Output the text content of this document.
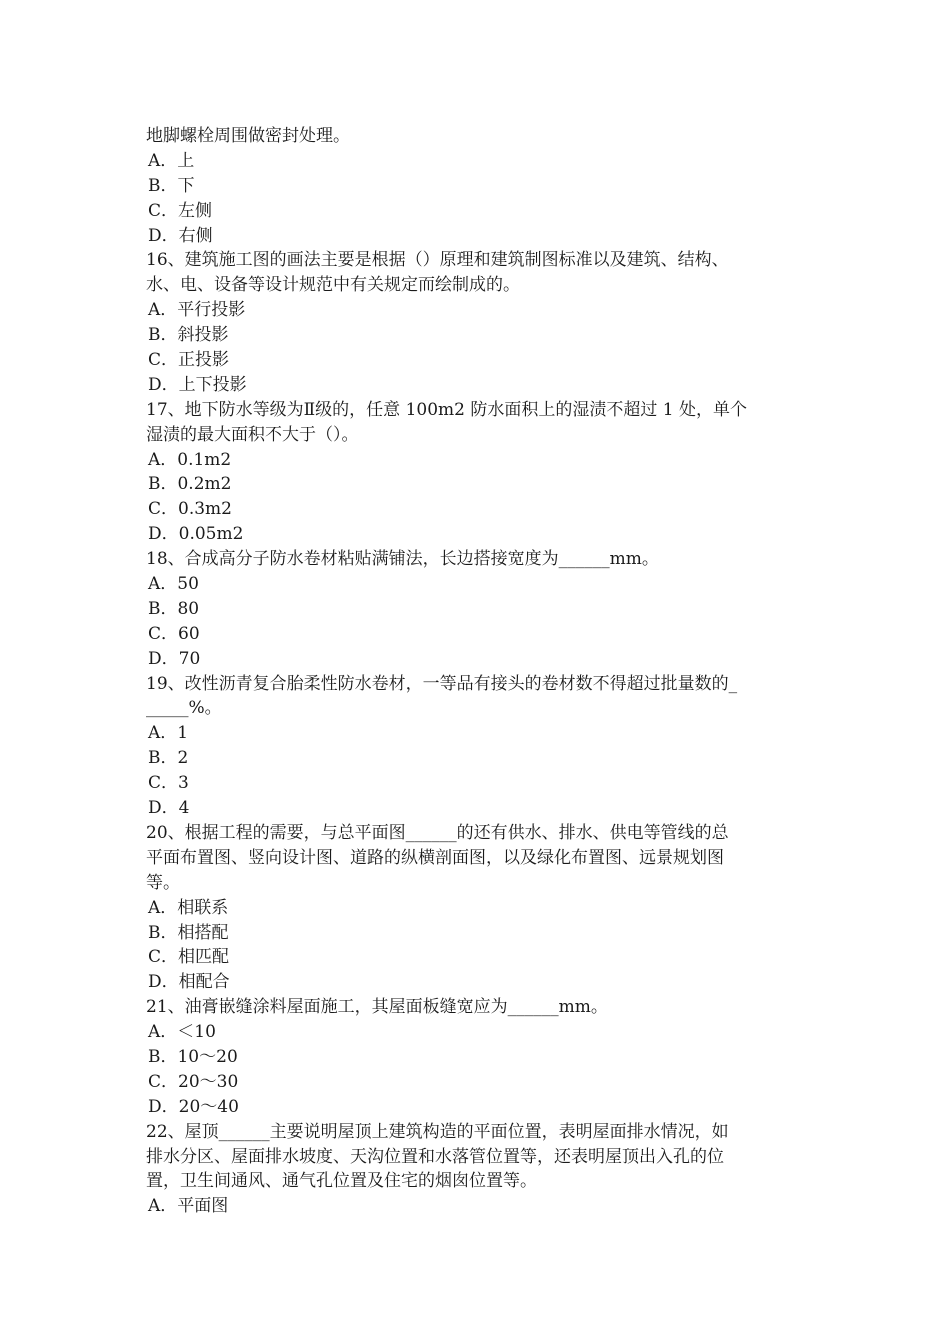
地脚螺栓周围做密封处理。
A．上
B．下
C．左侧
D．右侧
16、建筑施工图的画法主要是根据（）原理和建筑制图标准以及建筑、结构、
水、电、设备等设计规范中有关规定而绘制成的。
A．平行投影
B．斜投影
C．正投影
D．上下投影
17、地下防水等级为Ⅱ级的，任意 100m2 防水面积上的湿渍不超过 1 处，单个
湿渍的最大面积不大于（）。
A．0.1m2
B．0.2m2
C．0.3m2
D．0.05m2
18、合成高分子防水卷材粘贴满铺法，长边搭接宽度为______mm。
A．50
B．80
C．60
D．70
19、改性沥青复合胎柔性防水卷材，一等品有接头的卷材数不得超过批量数的_
_____%。
A．1
B．2
C．3
D．4
20、根据工程的需要，与总平面图______的还有供水、排水、供电等管线的总
平面布置图、竖向设计图、道路的纵横剖面图，以及绿化布置图、远景规划图
等。
A．相联系
B．相搭配
C．相匹配
D．相配合
21、油膏嵌缝涂料屋面施工，其屋面板缝宽应为______mm。
A．＜10
B．10～20
C．20～30
D．20～40
22、屋顶______主要说明屋顶上建筑构造的平面位置，表明屋面排水情况，如
排水分区、屋面排水坡度、天沟位置和水落管位置等，还表明屋顶出入孔的位
置，卫生间通风、通气孔位置及住宅的烟囱位置等。
A．平面图
